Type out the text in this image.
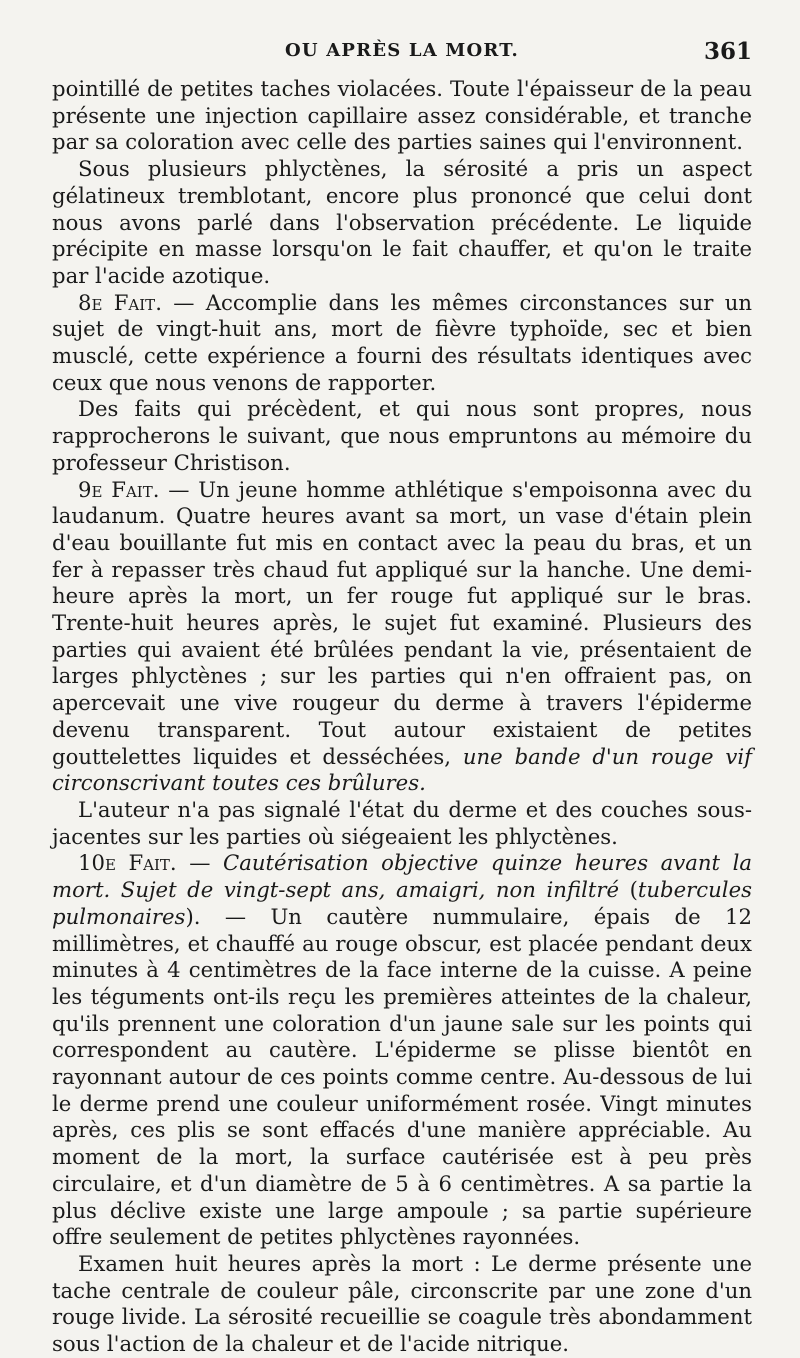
OU APRÈS LA MORT.	361

pointillé de petites taches violacées. Toute l'épaisseur de la peau présente une injection capillaire assez considérable, et tranche par sa coloration avec celle des parties saines qui l'environnent.

Sous plusieurs phlyctènes, la sérosité a pris un aspect gélatineux tremblotant, encore plus prononcé que celui dont nous avons parlé dans l'observation précédente. Le liquide précipite en masse lorsqu'on le fait chauffer, et qu'on le traite par l'acide azotique.

8e Fait. — Accomplie dans les mêmes circonstances sur un sujet de vingt-huit ans, mort de fièvre typhoïde, sec et bien musclé, cette expérience a fourni des résultats identiques avec ceux que nous venons de rapporter.

Des faits qui précèdent, et qui nous sont propres, nous rapprocherons le suivant, que nous empruntons au mémoire du professeur Christison.

9e Fait. — Un jeune homme athlétique s'empoisonna avec du laudanum. Quatre heures avant sa mort, un vase d'étain plein d'eau bouillante fut mis en contact avec la peau du bras, et un fer à repasser très chaud fut appliqué sur la hanche. Une demi-heure après la mort, un fer rouge fut appliqué sur le bras. Trente-huit heures après, le sujet fut examiné. Plusieurs des parties qui avaient été brûlées pendant la vie, présentaient de larges phlyctènes ; sur les parties qui n'en offraient pas, on apercevait une vive rougeur du derme à travers l'épiderme devenu transparent. Tout autour existaient de petites gouttelettes liquides et desséchées, une bande d'un rouge vif circonscrivant toutes ces brûlures.

L'auteur n'a pas signalé l'état du derme et des couches sous-jacentes sur les parties où siégeaient les phlyctènes.

10e Fait. — Cautérisation objective quinze heures avant la mort. Sujet de vingt-sept ans, amaigri, non infiltré (tubercules pulmonaires). — Un cautère nummulaire, épais de 12 millimètres, et chauffé au rouge obscur, est placée pendant deux minutes à 4 centimètres de la face interne de la cuisse. A peine les téguments ont-ils reçu les premières atteintes de la chaleur, qu'ils prennent une coloration d'un jaune sale sur les points qui correspondent au cautère. L'épiderme se plisse bientôt en rayonnant autour de ces points comme centre. Au-dessous de lui le derme prend une couleur uniformément rosée. Vingt minutes après, ces plis se sont effacés d'une manière appréciable. Au moment de la mort, la surface cautérisée est à peu près circulaire, et d'un diamètre de 5 à 6 centimètres. A sa partie la plus déclive existe une large ampoule ; sa partie supérieure offre seulement de petites phlyctènes rayonnées.

Examen huit heures après la mort : Le derme présente une tache centrale de couleur pâle, circonscrite par une zone d'un rouge livide. La sérosité recueillie se coagule très abondamment sous l'action de la chaleur et de l'acide nitrique.
